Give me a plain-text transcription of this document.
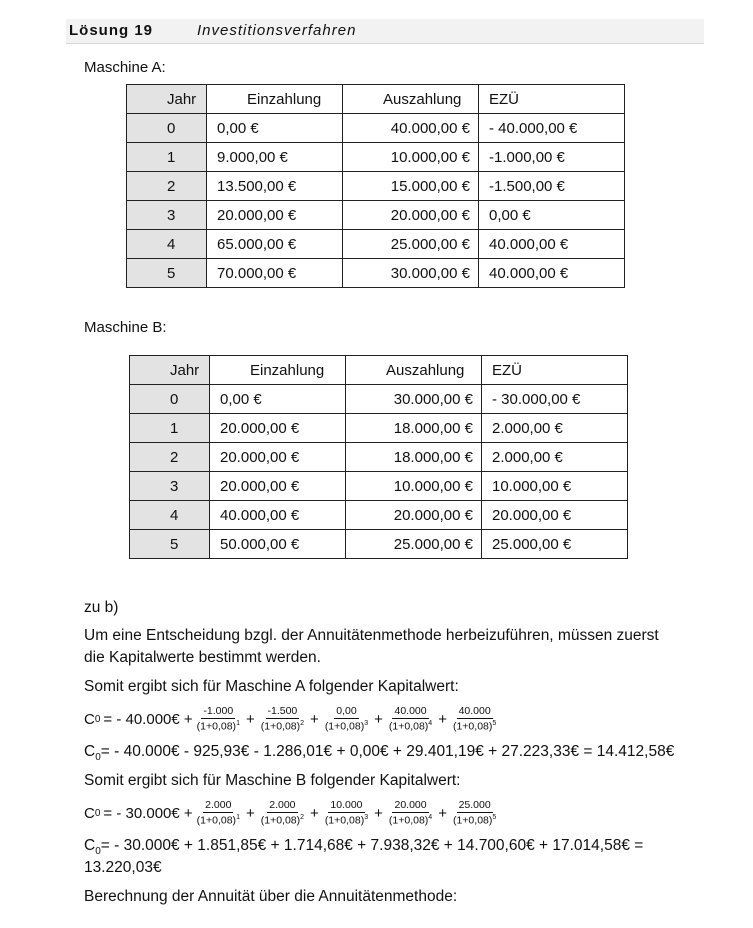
Lösung 19	Investitionsverfahren
Maschine A:
Jahr	Einzahlung	Auszahlung	EZÜ
0	0,00 €	40.000,00 €	- 40.000,00 €
1	9.000,00 €	10.000,00 €	-1.000,00 €
2	13.500,00 €	15.000,00 €	-1.500,00 €
3	20.000,00 €	20.000,00 €	0,00 €
4	65.000,00 €	25.000,00 €	40.000,00 €
5	70.000,00 €	30.000,00 €	40.000,00 €
Maschine B:
Jahr	Einzahlung	Auszahlung	EZÜ
0	0,00 €	30.000,00 €	- 30.000,00 €
1	20.000,00 €	18.000,00 €	2.000,00 €
2	20.000,00 €	18.000,00 €	2.000,00 €
3	20.000,00 €	10.000,00 €	10.000,00 €
4	40.000,00 €	20.000,00 €	20.000,00 €
5	50.000,00 €	25.000,00 €	25.000,00 €
zu b)
Um eine Entscheidung bzgl. der Annuitätenmethode herbeizuführen, müssen zuerst
die Kapitalwerte bestimmt werden.
Somit ergibt sich für Maschine A folgender Kapitalwert:
C 0 = - 40.000€ + $\frac{-1.000}{(1+0,08)^1} + \frac{-1.500}{(1+0,08)^2} + \frac{0,00}{(1+0,08)^3} + \frac{40.000}{(1+0,08)^4} + \frac{40.000}{(1+0,08)^5}$
$C_0=$ - 40.000€ - 925,93€ - 1.286,01€ + 0,00€ + 29.401,19€ + 27.223,33€ = 14.412,58€
Somit ergibt sich für Maschine B folgender Kapitalwert:
C 0 = - 30.000€ + $\frac{2.000}{(1+0,08)^1} + \frac{2.000}{(1+0,08)^2} + \frac{10.000}{(1+0,08)^3} + \frac{20.000}{(1+0,08)^4} + \frac{25.000}{(1+0,08)^5}$
$C_0=$ - 30.000€ + 1.851,85€ + 1.714,68€ + 7.938,32€ + 14.700,60€ + 17.014,58€ =
13.220,03€
Berechnung der Annuität über die Annuitätenmethode:
